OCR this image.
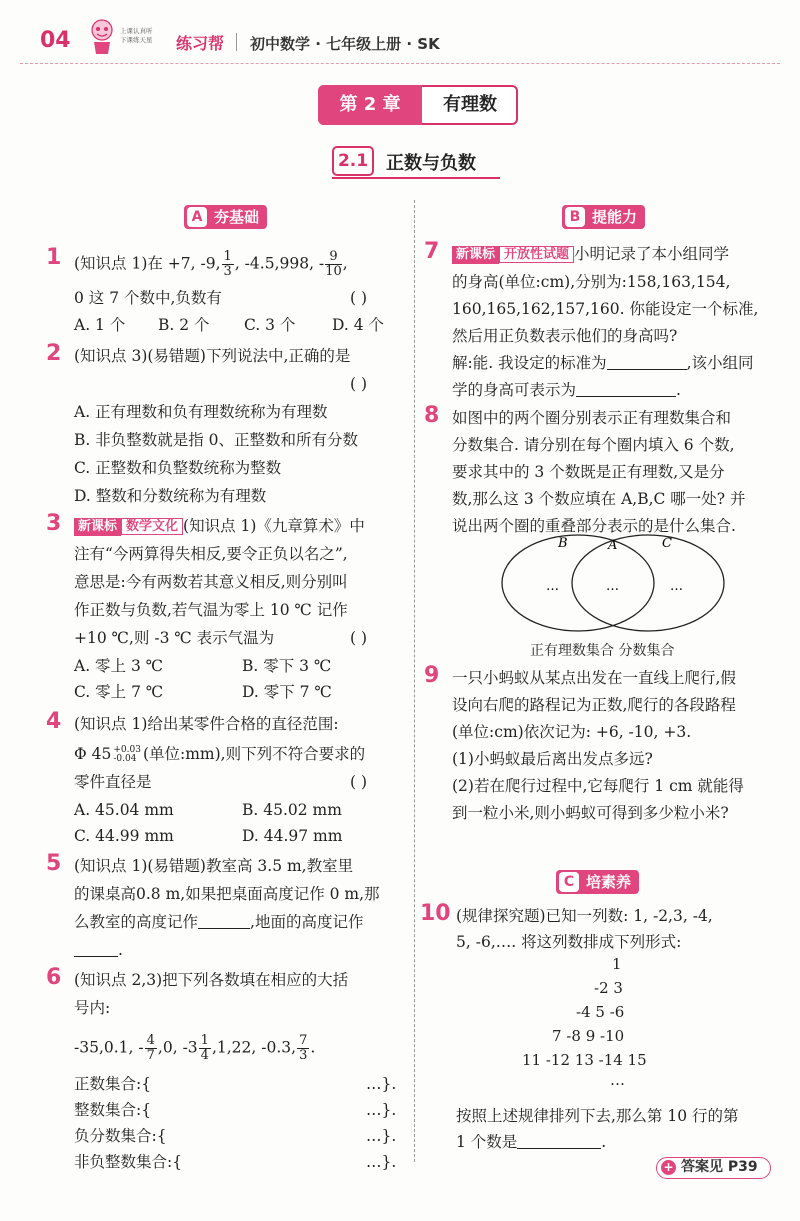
04	上课认真听
下课练天星 练习帮 初中数学 · 七年级上册 · SK
第 2 章	有理数
2.1 正数与负数
A 夯基础	B 提能力
C 培素养
1 (知识点 1)在 +7, -9, $\frac{1}{3}$ , -4.5,998, - $\frac{9}{10}$ ,
0 这 7 个数中,负数有	( )
A. 1 个 B. 2 个 C. 3 个 D. 4 个
2 (知识点 3)(易错题)下列说法中,正确的是
( )
A. 正有理数和负有理数统称为有理数
B. 非负整数就是指 0、正整数和所有分数
C. 正整数和负整数统称为整数
D. 整数和分数统称为有理数
3	新课标 数学文化 (知识点 1)《九章算术》中
注有“今两算得失相反,要令正负以名之”,
意思是:今有两数若其意义相反,则分别叫
作正数与负数,若气温为零上 10 ℃ 记作
+10 ℃,则 -3 ℃ 表示气温为	( )
A. 零上 3 ℃	B. 零下 3 ℃
C. 零上 7 ℃	D. 零下 7 ℃
4 (知识点 1)给出某零件合格的直径范围:
Φ 45 +0.03
-0.04 (单位:mm),则下列不符合要求的
零件直径是	( )
A. 45.04 mm	B. 45.02 mm
C. 44.99 mm	D. 44.97 mm
5 (知识点 1)(易错题)教室高 3.5 m,教室里
的课桌高0.8 m,如果把桌面高度记作 0 m,那
么教室的高度记作	,地面的高度记作
.
6 (知识点 2,3)把下列各数填在相应的大括
号内:
-35,0.1, - $\frac{4}{7} ,0$, $-3 \frac{1}{4} ,1,22$, -0.3, $\frac{7}{3}$ .
正数集合:{	…}.
整数集合:{	…}.
负分数集合:{	…}.
非负整数集合:{	…}.
7	新课标 开放性试题 小明记录了本小组同学
的身高(单位:cm),分别为:158,163,154,
160,165,162,157,160. 你能设定一个标准,
然后用正负数表示他们的身高吗?
解:能. 我设定的标准为	,该小组同
学的身高可表示为	.
8 如图中的两个圈分别表示正有理数集合和
分数集合. 请分别在每个圈内填入 6 个数,
要求其中的 3 个数既是正有理数,又是分
数,那么这 3 个数应填在 A,B,C 哪一处? 并
说出两个圈的重叠部分表示的是什么集合.
B	A	C
…	…	…
正有理数集合 分数集合
9 一只小蚂蚁从某点出发在一直线上爬行,假
设向右爬的路程记为正数,爬行的各段路程
(单位:cm)依次记为: +6, -10, +3.
(1)小蚂蚁最后离出发点多远?
(2)若在爬行过程中,它每爬行 1 cm 就能得
到一粒小米,则小蚂蚁可得到多少粒小米?
10 (规律探究题)已知一列数: 1, -2,3, -4,
5, -6,…. 将这列数排成下列形式:
1
-2 3
-4 5 -6
7 -8 9 -10
11 -12 13 -14 15
…
按照上述规律排列下去,那么第 10 行的第
1 个数是	.
+ 答案见 P39
